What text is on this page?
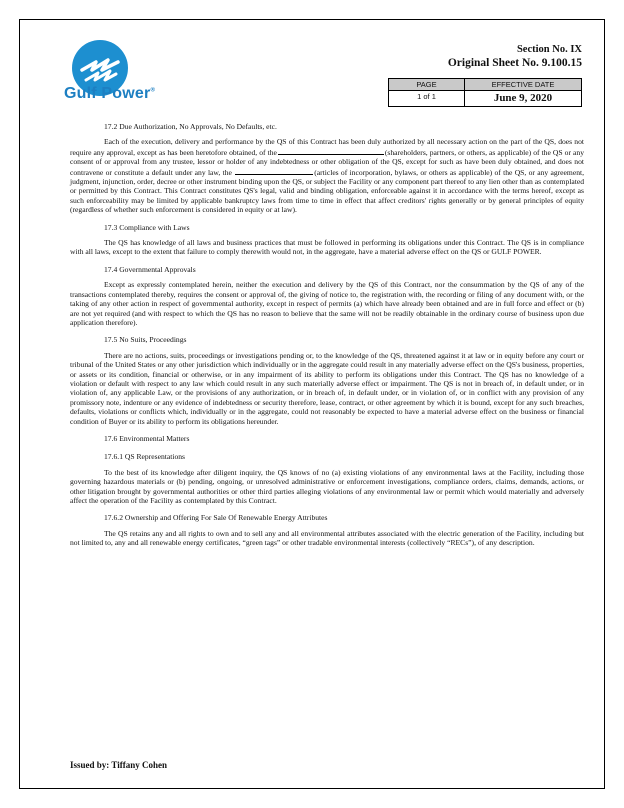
Gulf Power®
Section No. IX
Original Sheet No. 9.100.15
PAGE
1 of 1
EFFECTIVE DATE
June 9, 2020
17.2 Due Authorization, No Approvals, No Defaults, etc.
Each of the execution, delivery and performance by the QS of this Contract has been duly authorized by all necessary action on the part of the QS, does not require any approval, except as has been heretofore obtained, of the	(shareholders, partners, or others, as applicable) of the QS or any consent of or approval from any trustee, lessor or holder of any indebtedness or other obligation of the QS, except for such as have been duly obtained, and does not contravene or constitute a default under any law, the	(articles of incorporation, bylaws, or others as applicable) of the QS, or any agreement, judgment, injunction, order, decree or other instrument binding upon the QS, or subject the Facility or any component part thereof to any lien other than as contemplated or permitted by this Contract. This Contract constitutes QS's legal, valid and binding obligation, enforceable against it in accordance with the terms hereof, except as such enforceability may be limited by applicable bankruptcy laws from time to time in effect that affect creditors' rights generally or by general principles of equity (regardless of whether such enforcement is considered in equity or at law).
17.3 Compliance with Laws
The QS has knowledge of all laws and business practices that must be followed in performing its obligations under this Contract. The QS is in compliance with all laws, except to the extent that failure to comply therewith would not, in the aggregate, have a material adverse effect on the QS or GULF POWER.
17.4 Governmental Approvals
Except as expressly contemplated herein, neither the execution and delivery by the QS of this Contract, nor the consummation by the QS of any of the transactions contemplated thereby, requires the consent or approval of, the giving of notice to, the registration with, the recording or filing of any document with, or the taking of any other action in respect of governmental authority, except in respect of permits (a) which have already been obtained and are in full force and effect or (b) are not yet required (and with respect to which the QS has no reason to believe that the same will not be readily obtainable in the ordinary course of business upon due application therefore).
17.5 No Suits, Proceedings
There are no actions, suits, proceedings or investigations pending or, to the knowledge of the QS, threatened against it at law or in equity before any court or tribunal of the United States or any other jurisdiction which individually or in the aggregate could result in any materially adverse effect on the QS's business, properties, or assets or its condition, financial or otherwise, or in any impairment of its ability to perform its obligations under this Contract. The QS has no knowledge of a violation or default with respect to any law which could result in any such materially adverse effect or impairment. The QS is not in breach of, in default under, or in violation of, any applicable Law, or the provisions of any authorization, or in breach of, in default under, or in violation of, or in conflict with any provision of any promissory note, indenture or any evidence of indebtedness or security therefore, lease, contract, or other agreement by which it is bound, except for any such breaches, defaults, violations or conflicts which, individually or in the aggregate, could not reasonably be expected to have a material adverse effect on the business or financial condition of Buyer or its ability to perform its obligations hereunder.
17.6 Environmental Matters
17.6.1 QS Representations
To the best of its knowledge after diligent inquiry, the QS knows of no (a) existing violations of any environmental laws at the Facility, including those governing hazardous materials or (b) pending, ongoing, or unresolved administrative or enforcement investigations, compliance orders, claims, demands, actions, or other litigation brought by governmental authorities or other third parties alleging violations of any environmental law or permit which would materially and adversely affect the operation of the Facility as contemplated by this Contract.
17.6.2 Ownership and Offering For Sale Of Renewable Energy Attributes
The QS retains any and all rights to own and to sell any and all environmental attributes associated with the electric generation of the Facility, including but not limited to, any and all renewable energy certificates, “green tags” or other tradable environmental interests (collectively “RECs”), of any description.
Issued by: Tiffany Cohen
